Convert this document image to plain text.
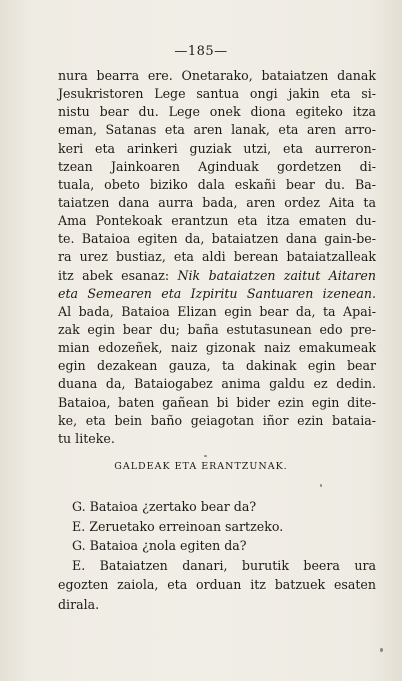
—185—
nura bearra ere. Onetarako, bataiatzen danak
Jesukristoren Lege santua ongi jakin eta si-
nistu bear du. Lege onek diona egiteko itza
eman, Satanas eta aren lanak, eta aren arro-
keri eta arinkeri guziak utzi, eta aurreron-
tzean Jainkoaren Aginduak gordetzen di-
tuala, obeto biziko dala eskañi bear du. Ba-
taiatzen dana aurra bada, aren ordez Aita ta
Ama Pontekoak erantzun eta itza ematen du-
te. Bataioa egiten da, bataiatzen dana gain-be-
ra urez bustiaz, eta aldi berean bataiatzalleak
itz abek esanaz: Nik bataiatzen zaitut Aitaren
eta Semearen eta Izpiritu Santuaren izenean.
Al bada, Bataioa Elizan egin bear da, ta Apai-
zak egin bear du; baña estutasunean edo pre-
mian edozeñek, naiz gizonak naiz emakumeak
egin dezakean gauza, ta dakinak egin bear
duana da, Bataiogabez anima galdu ez dedin.
Bataioa, baten gañean bi bider ezin egin dite-
ke, eta bein baño geiagotan iñor ezin bataia-
tu liteke.
GALDEAK ETA ERANTZUNAK.
G. Bataioa ¿zertako bear da?
E. Zeruetako erreinoan sartzeko.
G. Bataioa ¿nola egiten da?
E. Bataiatzen danari, burutik beera ura
egozten zaiola, eta orduan itz batzuek esaten
dirala.
